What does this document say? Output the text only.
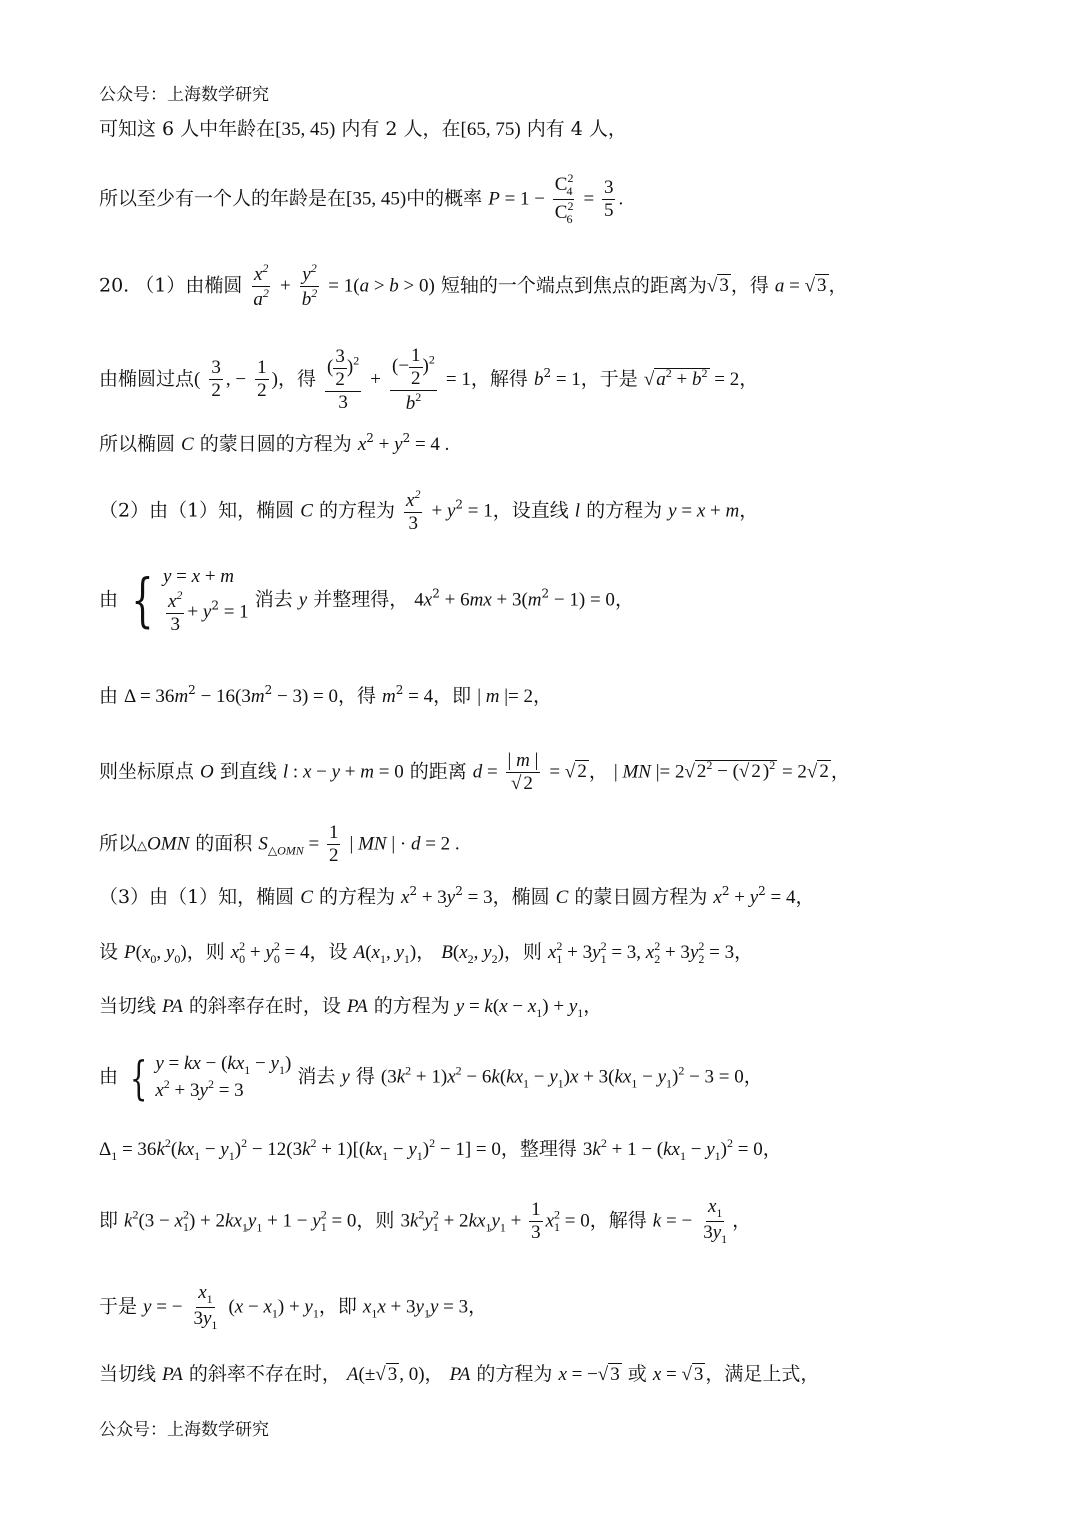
公众号：上海数学研究
可知这 6 人中年龄在[35, 45) 内有 2 人，在[65, 75) 内有 4 人，
所以至少有一个人的年龄是在[35, 45)中的概率 $P = 1 - \frac{C^2_4}{C^2_6} = \frac{3}{5}$ .
20. （1）由椭圆 $\frac{x^2}{a^2} + \frac{y^2}{b^2} = 1(a > b > 0)$ 短轴的一个端点到焦点的距离为√ 3 ，得 a = √ 3 ，
由椭圆过点( $\frac{3}{2}$ , − $\frac{1}{2}$ )，得 $\frac{( \frac{3}{2} )^2}{3} + \frac{(- \frac{1}{2} )^2}{b^2} = 1$，解得 $b^2 = 1$，于是 √ $a^2 + b^2 = 2$，
所以椭圆 C 的蒙日圆的方程为 $x^2 + y^2 = 4$ .
（2）由（1）知，椭圆 C 的方程为 $\frac{x^2}{3} + y^2 = 1$，设直线 l 的方程为 y = x + m，
由 { y = x + m
$\frac{x^2}{3} + y^2 = 1$
消去 y 并整理得， $4x^2 + 6mx + 3(m^2 - 1) = 0$，
由 $\Delta = 36m^2 - 16(3m^2 - 3) = 0$，得 $m^2 = 4$，即 | m |= 2，
则坐标原点 O 到直线 l : x − y + m = 0 的距离 $d = \frac{| m |}{√ 2}$ = √ 2 ， | MN |= 2√ $2^2$ − (√ 2 )$^2$ = 2√ 2 ，
所以△OMN 的面积 $S_{\triangle OMN} = \frac{1}{2}$ | MN | · d = 2 .
（3）由（1）知，椭圆 C 的方程为 $x^2 + 3y^2 = 3$，椭圆 C 的蒙日圆方程为 $x^2 + y^2 = 4$，
设 $P(x_0$, $y_0$)，则 $x^2_0 + y^2_0 = 4$，设 $A(x_1$, $y_1$)， $B(x_2$, $y_2$)，则 $x^2_1 + 3y^2_1 = 3$, $x^2_2 + 3y^2_2 = 3$，
当切线 PA 的斜率存在时，设 PA 的方程为 $y = k(x - x_1) + y_1$，
由 { y = kx − $(kx_1 - y_1)$
$x^2 + 3y^2 = 3$
消去 y 得 $(3k^2 + 1)x^2 - 6k(kx_1 - y_1)x + 3(kx_1 - y_1)^2 - 3 = 0$，
$\Delta_1 = 36k^2(kx_1 - y_1)^2 - 12(3k^2 + 1)[(kx_1 - y_1)^2 - 1] = 0$，整理得 $3k^2 + 1 - (kx_1 - y_1)^2 = 0$，
即 $k^2(3 - x^2_1) + 2kx_1y_1 + 1 - y^2_1 = 0$，则 $3k^2y^2_1 + 2kx_1y_1 + \frac{1}{3} x^2_1 = 0$，解得 k = − $\frac{x_1}{3y_1}$ ，
于是 y = − $\frac{x_1}{3y_1} (x - x_1) + y_1$，即 $x_1x + 3y_1y = 3$，
当切线 PA 的斜率不存在时， A(±√ 3 , 0)， PA 的方程为 x = −√ 3 或 x = √ 3 ，满足上式，
公众号：上海数学研究
